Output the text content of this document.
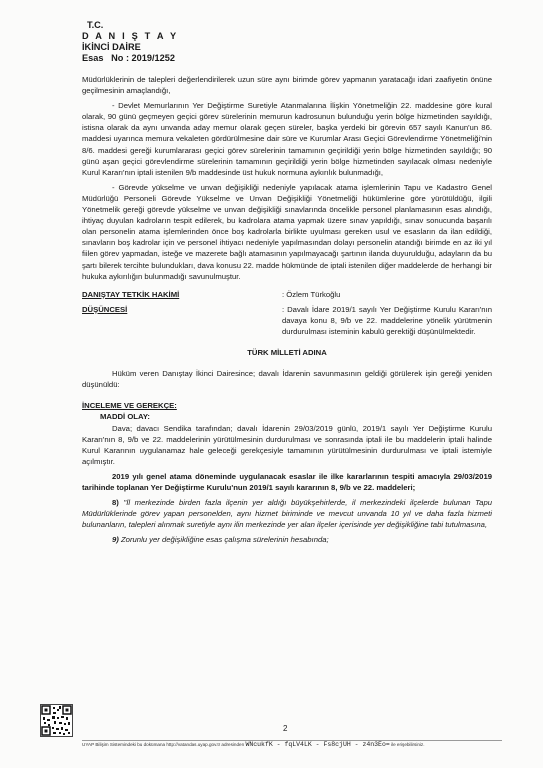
T.C.
D A N I Ş T A Y
İKİNCİ DAİRE
Esas No : 2019/1252

Müdürlüklerinin de talepleri değerlendirilerek uzun süre aynı birimde görev yapmanın yaratacağı idari zaafiyetin önüne geçilmesinin amaçlandığı,

- Devlet Memurlarının Yer Değiştirme Suretiyle Atanmalarına İlişkin Yönetmeliğin 22. maddesine göre kural olarak, 90 günü geçmeyen geçici görev sürelerinin memurun kadrosunun bulunduğu yerin bölge hizmetinden sayıldığı, istisna olarak da aynı unvanda aday memur olarak geçen süreler, başka yerdeki bir görevin 657 sayılı Kanun'un 86. maddesi uyarınca memura vekaleten gördürülmesine dair süre ve Kurumlar Arası Geçici Görevlendirme Yönetmeliği'nin 8/6. maddesi gereği kurumlararası geçici görev sürelerinin tamamının geçirildiği yerin bölge hizmetinden sayıldığı; 90 günü aşan geçici görevlendirme sürelerinin tamamının geçirildiği yerin bölge hizmetinden sayılacak olması nedeniyle Kurul Kararı'nın iptali istenilen 9/b maddesinde üst hukuk normuna aykırılık bulunmadığı,

- Görevde yükselme ve unvan değişikliği nedeniyle yapılacak atama işlemlerinin Tapu ve Kadastro Genel Müdürlüğü Personeli Görevde Yükselme ve Unvan Değişikliği Yönetmeliği hükümlerine göre yürütüldüğü, ilgili Yönetmelik gereği görevde yükselme ve unvan değişikliği sınavlarında öncelikle personel planlamasının esas alındığı, ihtiyaç duyulan kadroların tespit edilerek, bu kadrolara atama yapmak üzere sınav yapıldığı, sınav sonucunda başarılı olan personelin atama işlemlerinden önce boş kadrolarla birlikte uyulması gereken usul ve esasların da ilan edildiği, sınavların boş kadrolar için ve personel ihtiyacı nedeniyle yapılmasından dolayı personelin atandığı birimde en az iki yıl fiilen görev yapmadan, isteğe ve mazerete bağlı atamasının yapılmayacağı şartının ilanda duyurulduğu, adayların da bu şartı bilerek tercihte bulundukları, dava konusu 22. madde hükmünde de iptali istenilen diğer maddelerde de herhangi bir hukuka aykırılığın bulunmadığı savunulmuştur.

DANIŞTAY TETKİK HAKİMİ	: Özlem Türkoğlu
DÜŞÜNCESİ	: Davalı İdare 2019/1 sayılı Yer Değiştirme Kurulu Kararı'nın davaya konu 8, 9/b ve 22. maddelerine yönelik yürütmenin durdurulması isteminin kabulü gerektiği düşünülmektedir.

TÜRK MİLLETİ ADINA

Hüküm veren Danıştay İkinci Dairesince; davalı İdarenin savunmasının geldiği görülerek işin gereği yeniden düşünüldü:

İNCELEME VE GEREKÇE:

MADDİ OLAY:

Dava; davacı Sendika tarafından; davalı İdarenin 29/03/2019 günlü, 2019/1 sayılı Yer Değiştirme Kurulu Kararı'nın 8, 9/b ve 22. maddelerinin yürütülmesinin durdurulması ve sonrasında iptali ile bu maddelerin iptali halinde Kurul Kararının uygulanamaz hale geleceği gerekçesiyle tamamının yürütülmesinin durdurulması ve iptali istemiyle açılmıştır.

2019 yılı genel atama döneminde uygulanacak esaslar ile ilke kararlarının tespiti amacıyla 29/03/2019 tarihinde toplanan Yer Değiştirme Kurulu'nun 2019/1 sayılı kararının 8, 9/b ve 22. maddeleri;

8) "İl merkezinde birden fazla ilçenin yer aldığı büyükşehirlerde, il merkezindeki ilçelerde bulunan Tapu Müdürlüklerinde görev yapan personelden, aynı hizmet biriminde ve mevcut unvanda 10 yıl ve daha fazla hizmeti bulunanların, talepleri alınmak suretiyle aynı ilin merkezinde yer alan ilçeler içerisinde yer değişikliğine tabi tutulmasına,

9) Zorunlu yer değişikliğine esas çalışma sürelerinin hesabında;

2
UYAP Bilişim Sistemindeki bu dokümana http://vatandas.uyap.gov.tr adresinden WNcukfK - fqLV4LK - Fs8cjUH - z4n3Eo= ile erişebilirsiniz.
